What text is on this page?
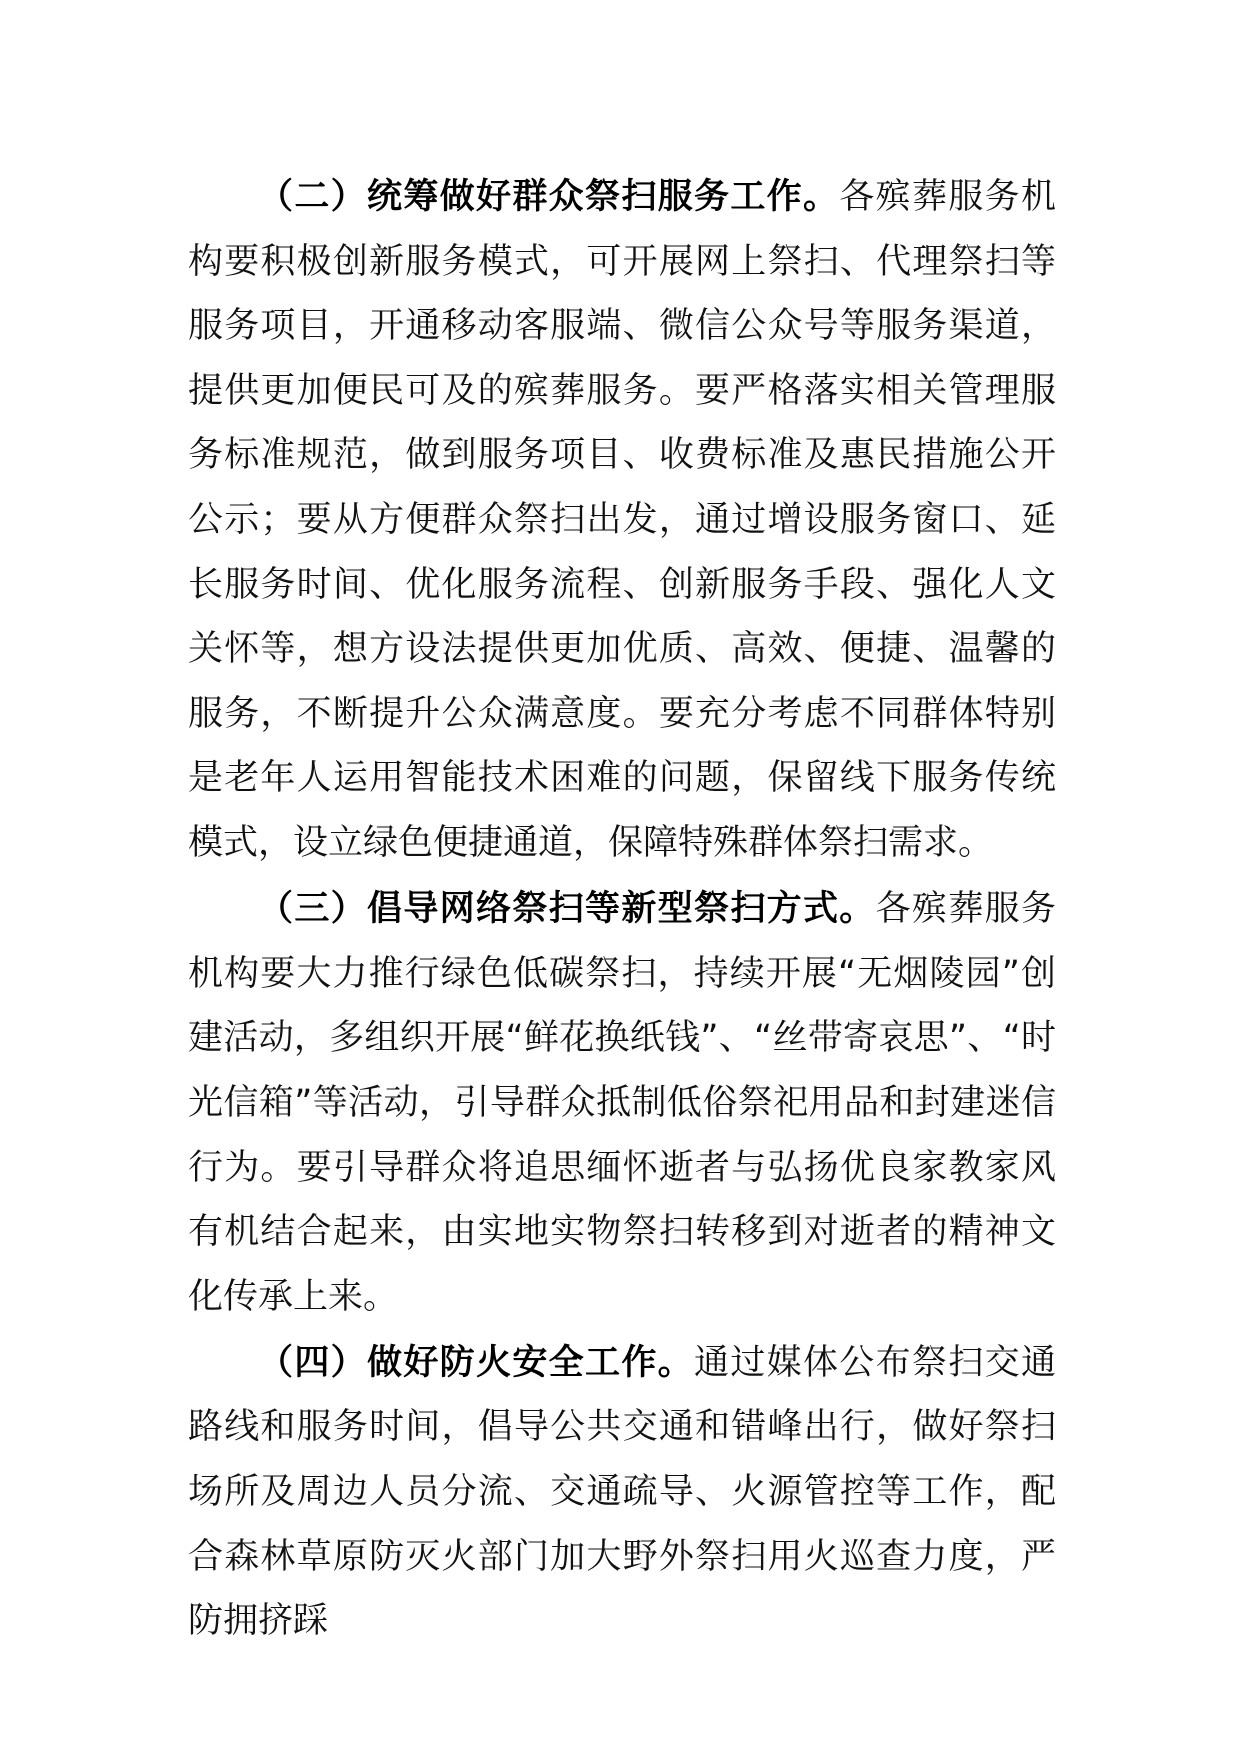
（二）统筹做好群众祭扫服务工作。各殡葬服务机构要积极创新服务模式，可开展网上祭扫、代理祭扫等服务项目，开通移动客服端、微信公众号等服务渠道，提供更加便民可及的殡葬服务。要严格落实相关管理服务标准规范，做到服务项目、收费标准及惠民措施公开公示；要从方便群众祭扫出发，通过增设服务窗口、延长服务时间、优化服务流程、创新服务手段、强化人文关怀等，想方设法提供更加优质、高效、便捷、温馨的服务，不断提升公众满意度。要充分考虑不同群体特别是老年人运用智能技术困难的问题，保留线下服务传统模式，设立绿色便捷通道，保障特殊群体祭扫需求。

（三）倡导网络祭扫等新型祭扫方式。各殡葬服务机构要大力推行绿色低碳祭扫，持续开展“无烟陵园”创建活动，多组织开展“鲜花换纸钱”、“丝带寄哀思”、“时光信箱”等活动，引导群众抵制低俗祭祀用品和封建迷信行为。要引导群众将追思缅怀逝者与弘扬优良家教家风有机结合起来，由实地实物祭扫转移到对逝者的精神文化传承上来。

（四）做好防火安全工作。通过媒体公布祭扫交通路线和服务时间，倡导公共交通和错峰出行，做好祭扫场所及周边人员分流、交通疏导、火源管控等工作，配合森林草原防灭火部门加大野外祭扫用火巡查力度，严防拥挤踩
